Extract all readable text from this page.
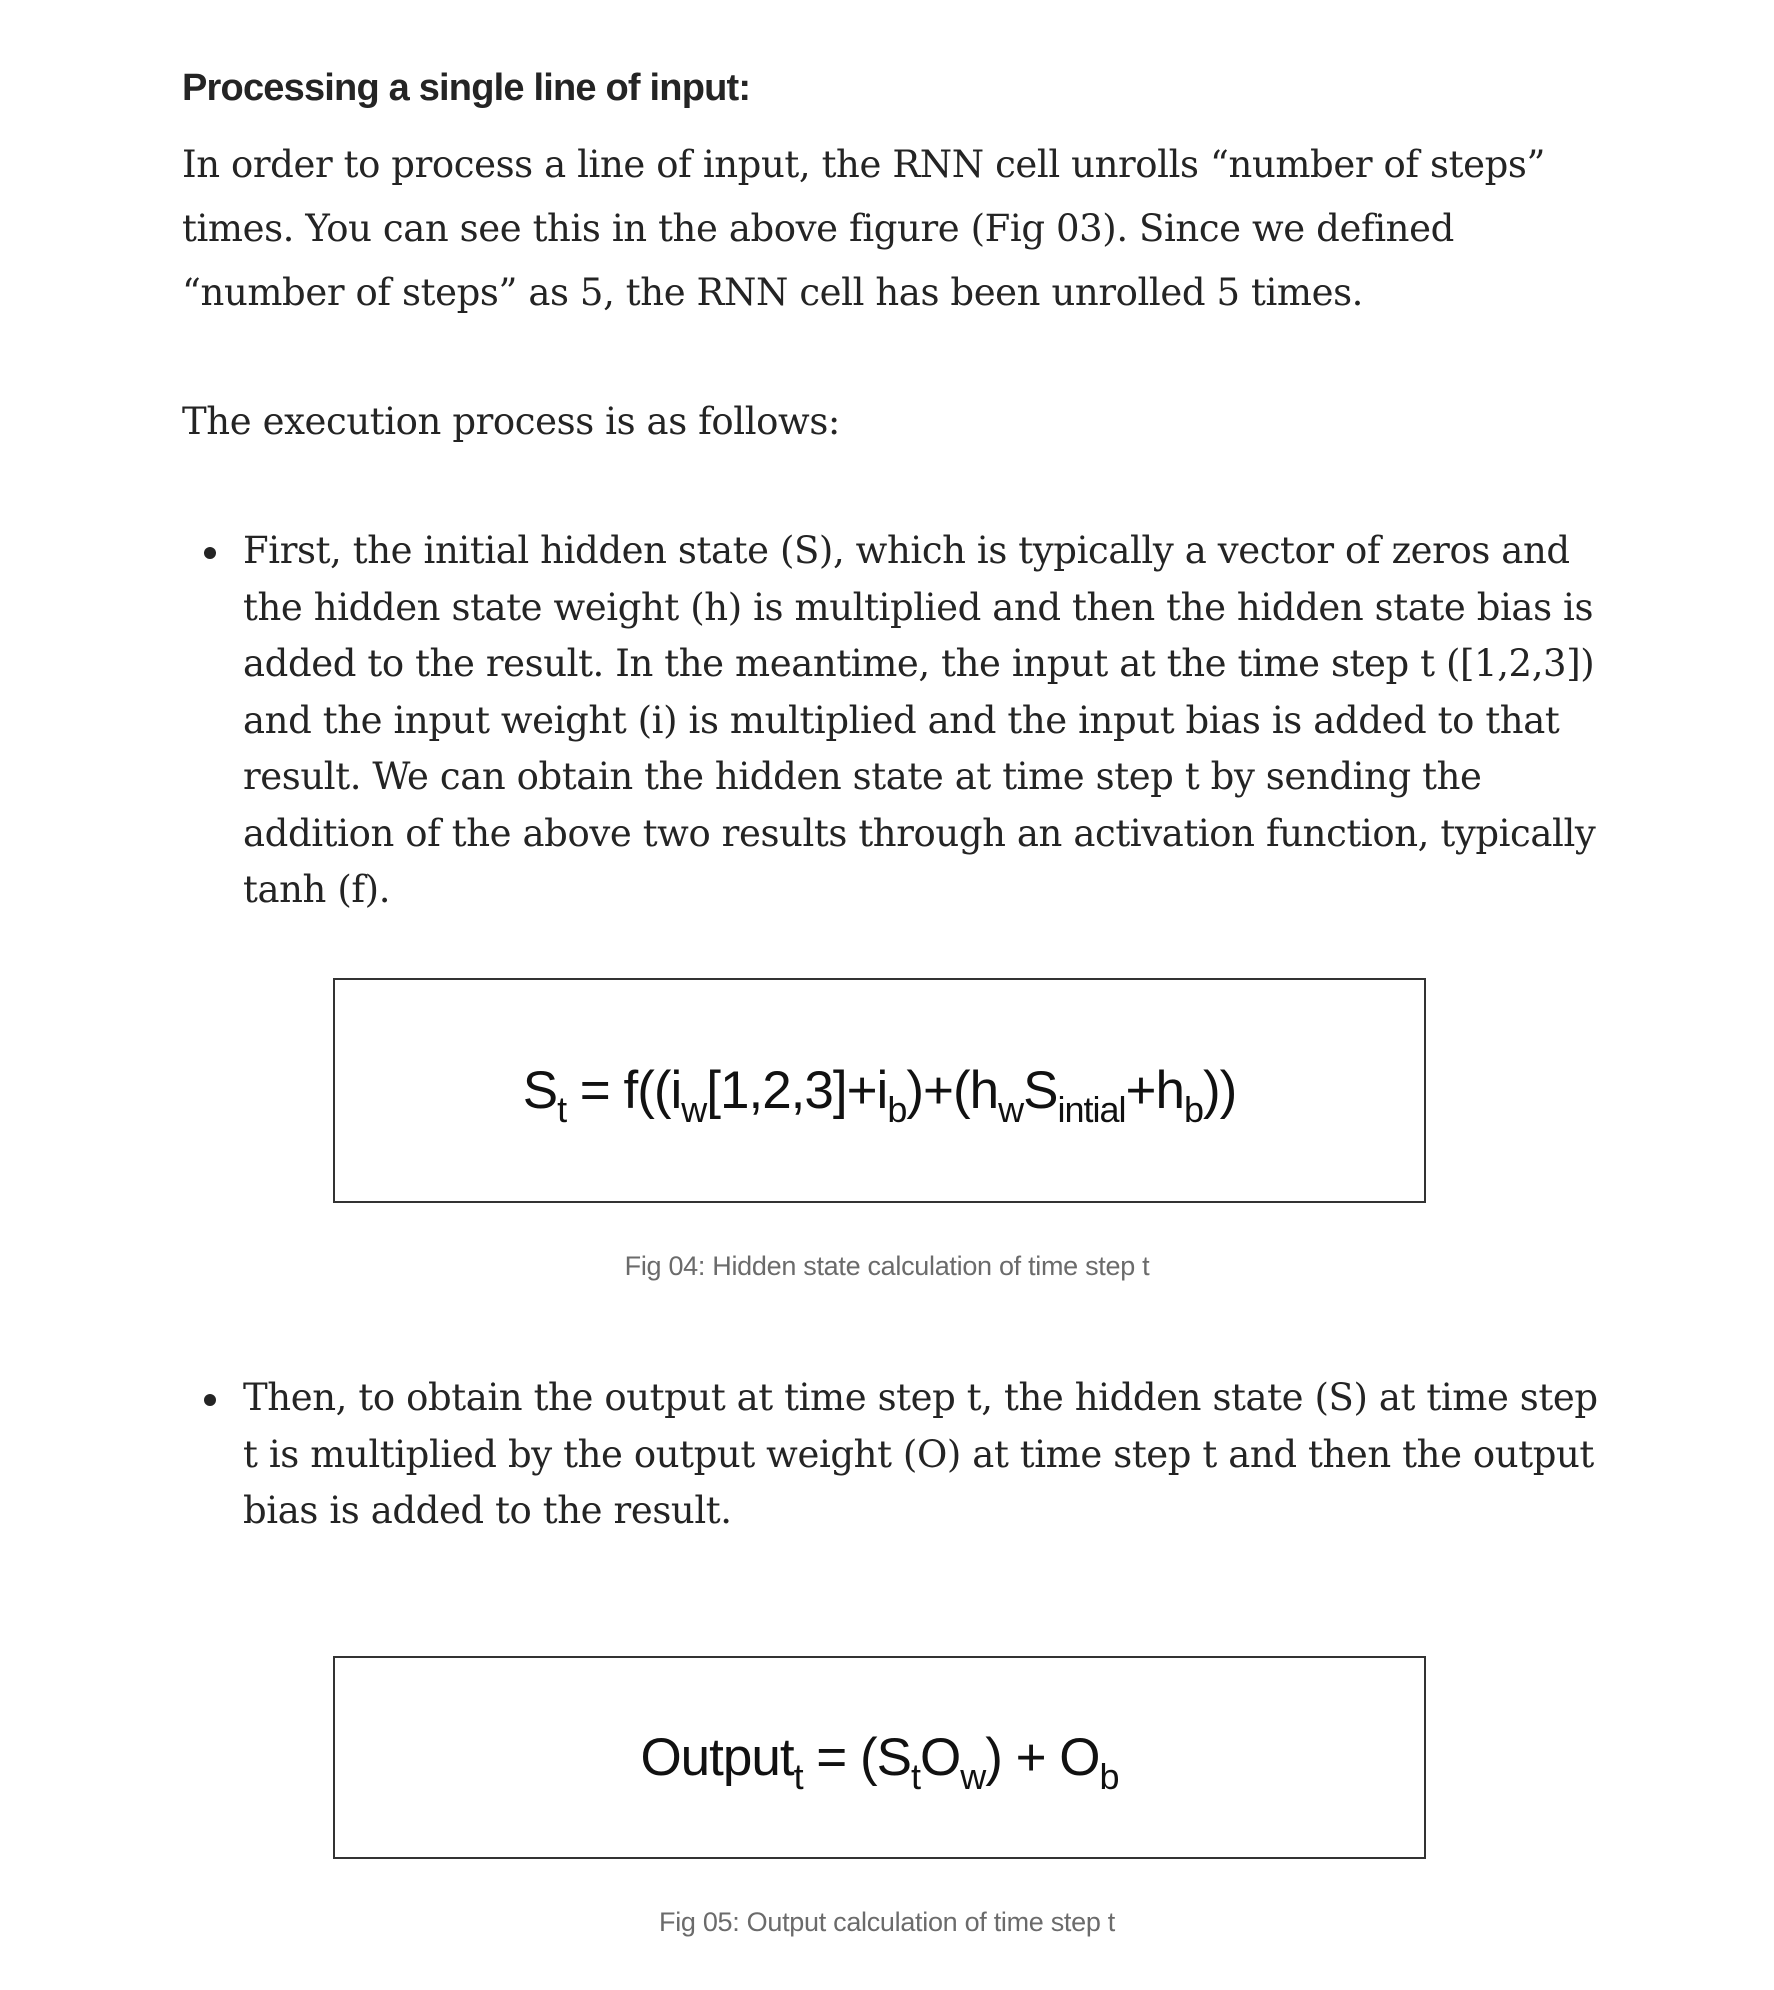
Processing a single line of input:

In order to process a line of input, the RNN cell unrolls “number of steps” times. You can see this in the above figure (Fig 03). Since we defined “number of steps” as 5, the RNN cell has been unrolled 5 times.

The execution process is as follows:

First, the initial hidden state (S), which is typically a vector of zeros and the hidden state weight (h) is multiplied and then the hidden state bias is added to the result. In the meantime, the input at the time step t ([1,2,3]) and the input weight (i) is multiplied and the input bias is added to that result. We can obtain the hidden state at time step t by sending the addition of the above two results through an activation function, typically tanh (f).
$S_t = f((i_w[1,2,3]+i_b)+(h_wS_{intial}+h_b))$
Fig 04: Hidden state calculation of time step t
Then, to obtain the output at time step t, the hidden state (S) at time step t is multiplied by the output weight (O) at time step t and then the output bias is added to the result.
Output$_t$ = $(S_tO_w) + O_b$
Fig 05: Output calculation of time step t
